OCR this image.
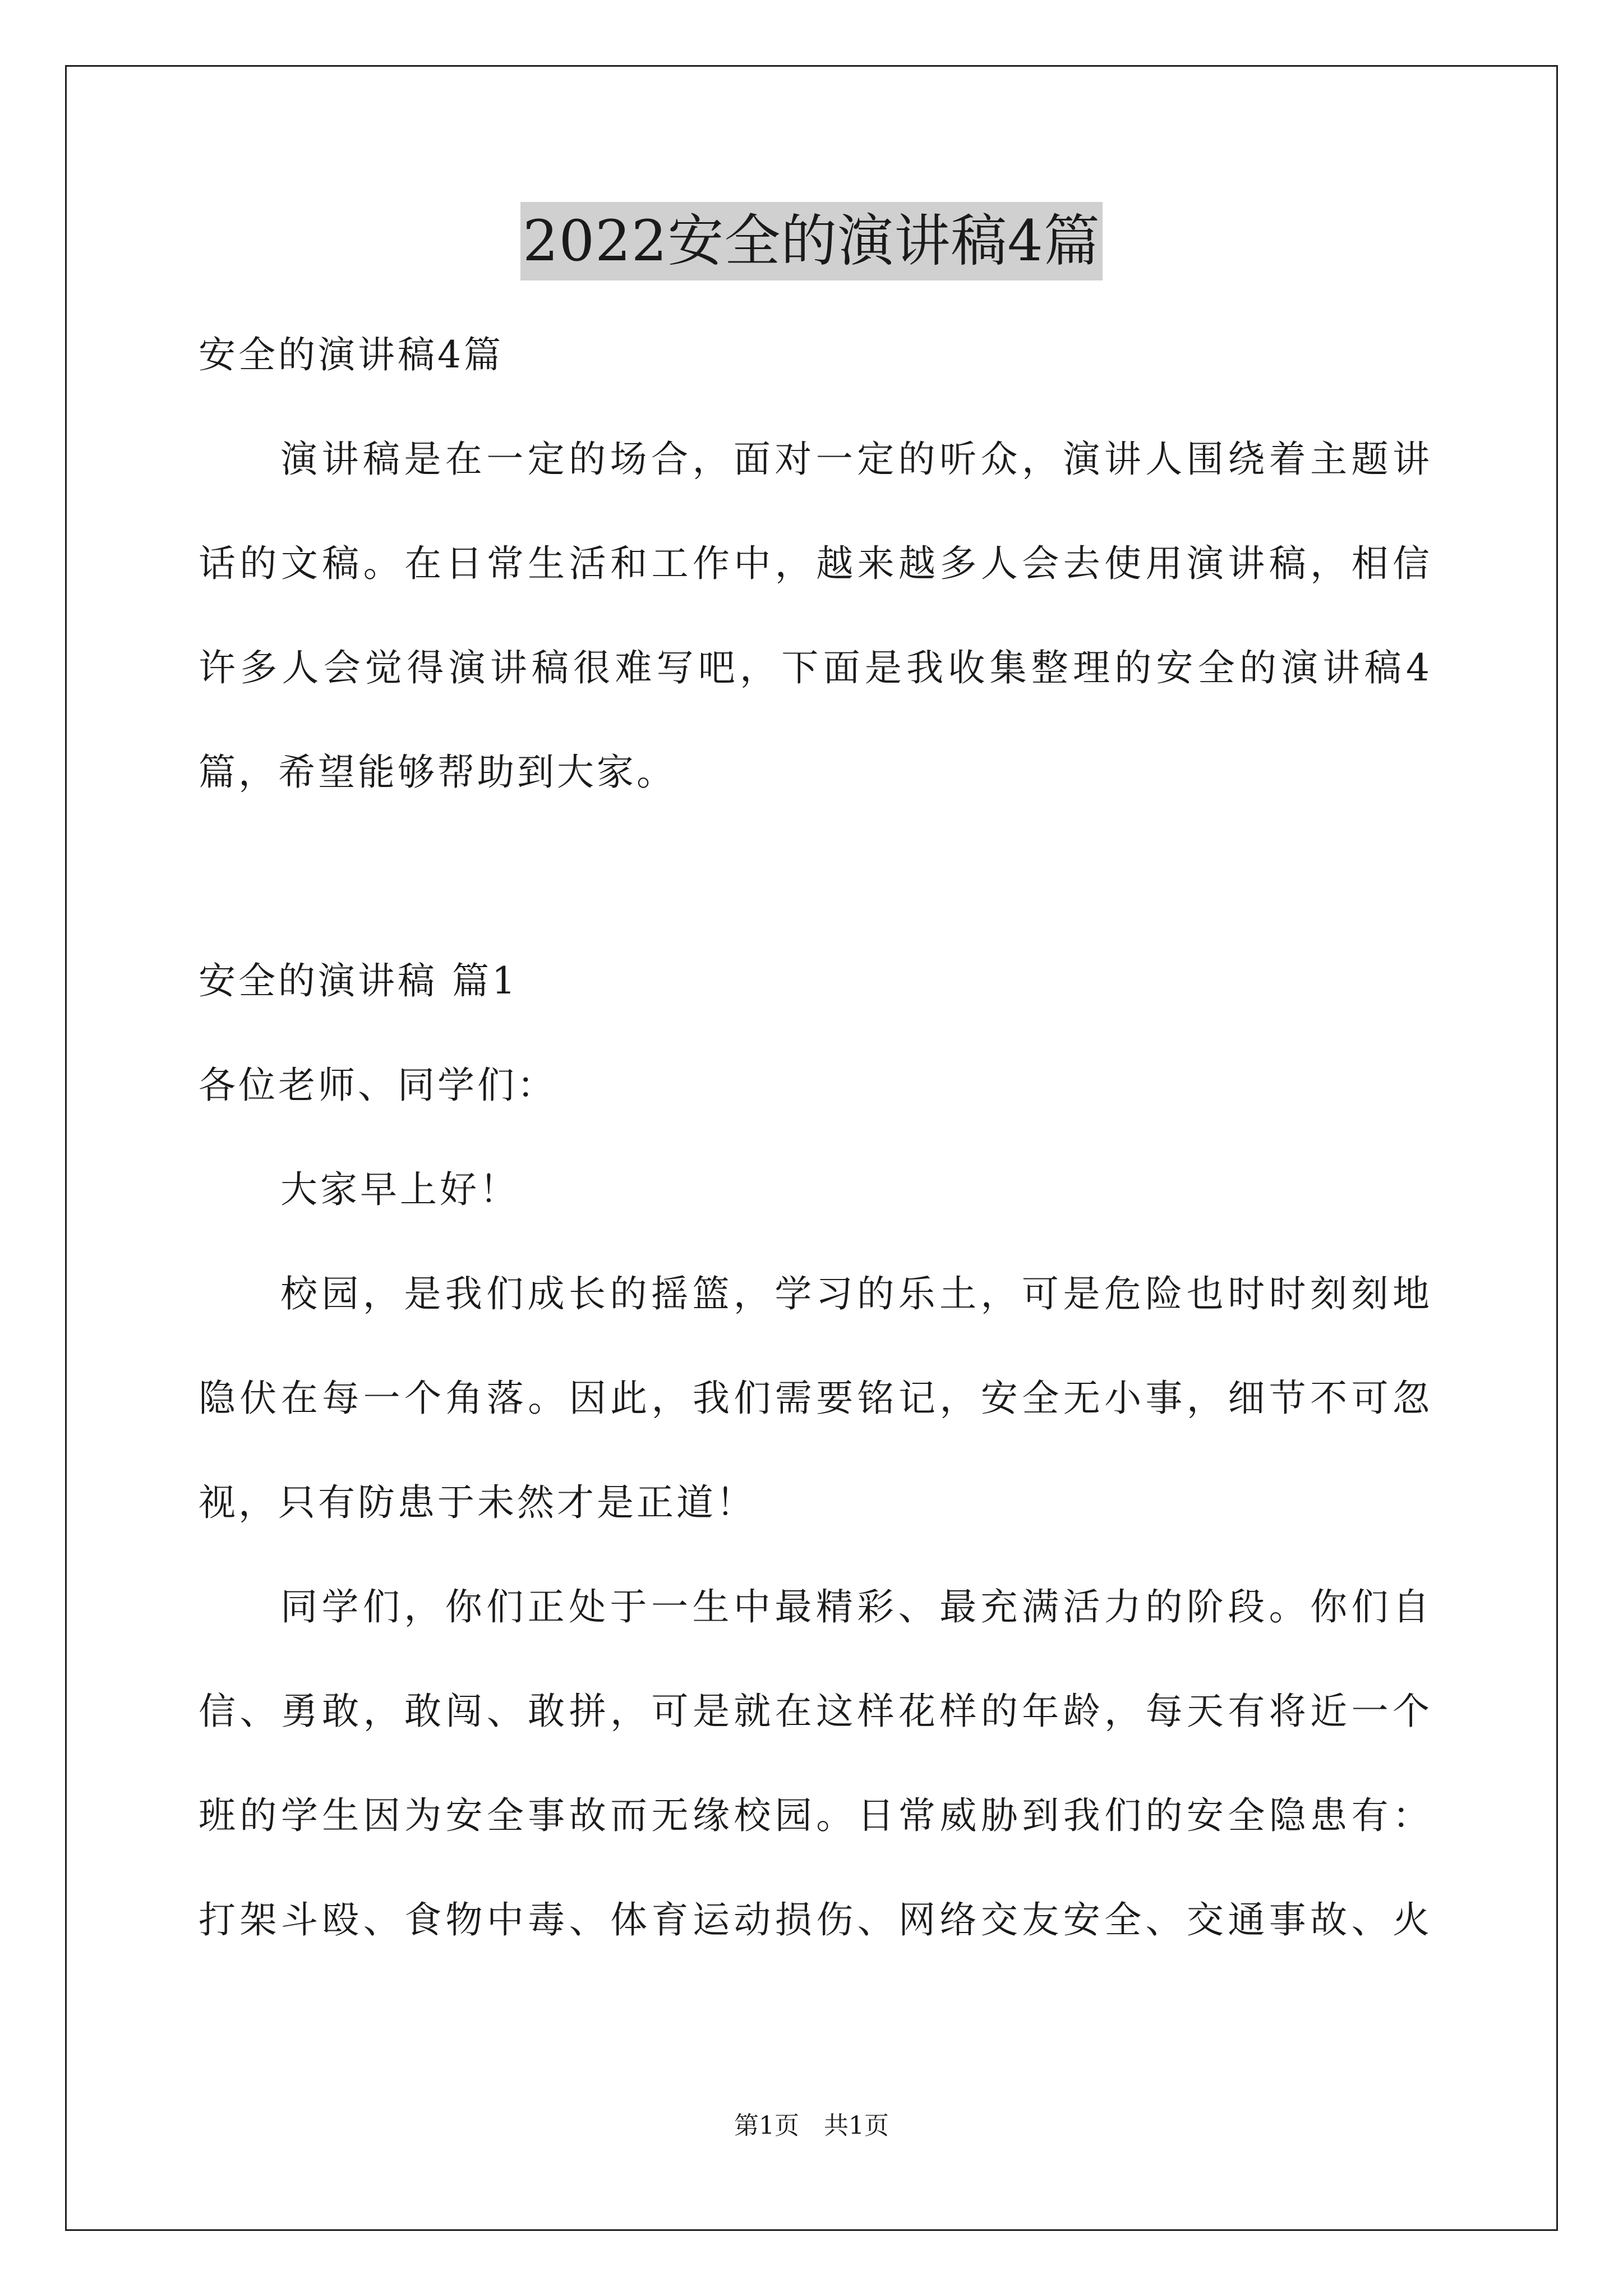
2022安全的演讲稿4篇
安全的演讲稿4篇
演讲稿是在一定的场合，面对一定的听众，演讲人围绕着主题讲
话的文稿。在日常生活和工作中，越来越多人会去使用演讲稿，相信
许多人会觉得演讲稿很难写吧，下面是我收集整理的安全的演讲稿4
篇，希望能够帮助到大家。
安全的演讲稿 篇1
各位老师、同学们：
大家早上好！
校园，是我们成长的摇篮，学习的乐土，可是危险也时时刻刻地
隐伏在每一个角落。因此，我们需要铭记，安全无小事，细节不可忽
视，只有防患于未然才是正道！
同学们，你们正处于一生中最精彩、最充满活力的阶段。你们自
信、勇敢，敢闯、敢拼，可是就在这样花样的年龄，每天有将近一个
班的学生因为安全事故而无缘校园。日常威胁到我们的安全隐患有：
打架斗殴、食物中毒、体育运动损伤、网络交友安全、交通事故、火
第1页　共1页
